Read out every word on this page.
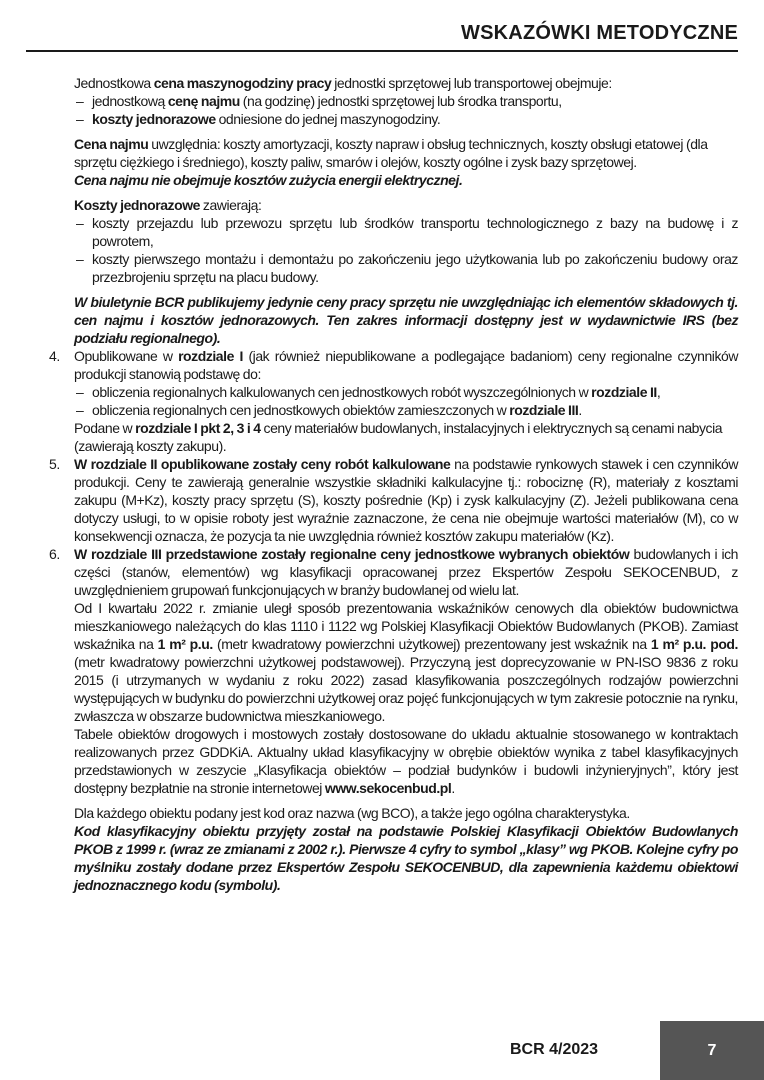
WSKAZÓWKI METODYCZNE

Jednostkowa cena maszynogodziny pracy jednostki sprzętowej lub transportowej obejmuje:

– jednostkową cenę najmu (na godzinę) jednostki sprzętowej lub środka transportu,

– koszty jednorazowe odniesione do jednej maszynogodziny.

Cena najmu uwzględnia: koszty amortyzacji, koszty napraw i obsług technicznych, koszty obsługi etatowej (dla sprzętu ciężkiego i średniego), koszty paliw, smarów i olejów, koszty ogólne i zysk bazy sprzętowej.
Cena najmu nie obejmuje kosztów zużycia energii elektrycznej.

Koszty jednorazowe zawierają:

– koszty przejazdu lub przewozu sprzętu lub środków transportu technologicznego z bazy na budowę i z powrotem,

– koszty pierwszego montażu i demontażu po zakończeniu jego użytkowania lub po zakończeniu budowy oraz przezbrojeniu sprzętu na placu budowy.

W biuletynie BCR publikujemy jedynie ceny pracy sprzętu nie uwzględniając ich elementów składowych tj. cen najmu i kosztów jednorazowych. Ten zakres informacji dostępny jest w wydawnictwie IRS (bez podziału regionalnego).

4. Opublikowane w rozdziale I (jak również niepublikowane a podlegające badaniom) ceny regionalne czynników produkcji stanowią podstawę do:

– obliczenia regionalnych kalkulowanych cen jednostkowych robót wyszczególnionych w rozdziale II,

– obliczenia regionalnych cen jednostkowych obiektów zamieszczonych w rozdziale III.

Podane w rozdziale I pkt 2, 3 i 4 ceny materiałów budowlanych, instalacyjnych i elektrycznych są cenami nabycia (zawierają koszty zakupu).

5. W rozdziale II opublikowane zostały ceny robót kalkulowane na podstawie rynkowych stawek i cen czynników produkcji. Ceny te zawierają generalnie wszystkie składniki kalkulacyjne tj.: robociznę (R), materiały z kosztami zakupu (M+Kz), koszty pracy sprzętu (S), koszty pośrednie (Kp) i zysk kalkulacyjny (Z). Jeżeli publikowana cena dotyczy usługi, to w opisie roboty jest wyraźnie zaznaczone, że cena nie obejmuje wartości materiałów (M), co w konsekwencji oznacza, że pozycja ta nie uwzględnia również kosztów zakupu materiałów (Kz).
6. W rozdziale III przedstawione zostały regionalne ceny jednostkowe wybranych obiektów budowlanych i ich części (stanów, elementów) wg klasyfikacji opracowanej przez Ekspertów Zespołu SEKOCENBUD, z uwzględnieniem grupowań funkcjonujących w branży budowlanej od wielu lat.

Od I kwartału 2022 r. zmianie uległ sposób prezentowania wskaźników cenowych dla obiektów budownictwa mieszkaniowego należących do klas 1110 i 1122 wg Polskiej Klasyfikacji Obiektów Budowlanych (PKOB). Zamiast wskaźnika na 1 m² p.u. (metr kwadratowy powierzchni użytkowej) prezentowany jest wskaźnik na 1 m² p.u. pod. (metr kwadratowy powierzchni użytkowej podstawowej). Przyczyną jest doprecyzowanie w PN-ISO 9836 z roku 2015 (i utrzymanych w wydaniu z roku 2022) zasad klasyfikowania poszczególnych rodzajów powierzchni występujących w budynku do powierzchni użytkowej oraz pojęć funkcjonujących w tym zakresie potocznie na rynku, zwłaszcza w obszarze budownictwa mieszkaniowego.

Tabele obiektów drogowych i mostowych zostały dostosowane do układu aktualnie stosowanego w kontraktach realizowanych przez GDDKiA. Aktualny układ klasyfikacyjny w obrębie obiektów wynika z tabel klasyfikacyjnych przedstawionych w zeszycie „Klasyfikacja obiektów – podział budynków i budowli inżynieryjnych”, który jest dostępny bezpłatnie na stronie internetowej www.sekocenbud.pl.

Dla każdego obiektu podany jest kod oraz nazwa (wg BCO), a także jego ogólna charakterystyka.

Kod klasyfikacyjny obiektu przyjęty został na podstawie Polskiej Klasyfikacji Obiektów Budowlanych PKOB z 1999 r. (wraz ze zmianami z 2002 r.). Pierwsze 4 cyfry to symbol „klasy” wg PKOB. Kolejne cyfry po myślniku zostały dodane przez Ekspertów Zespołu SEKOCENBUD, dla zapewnienia każdemu obiektowi jednoznacznego kodu (symbolu).

BCR 4/2023	7
